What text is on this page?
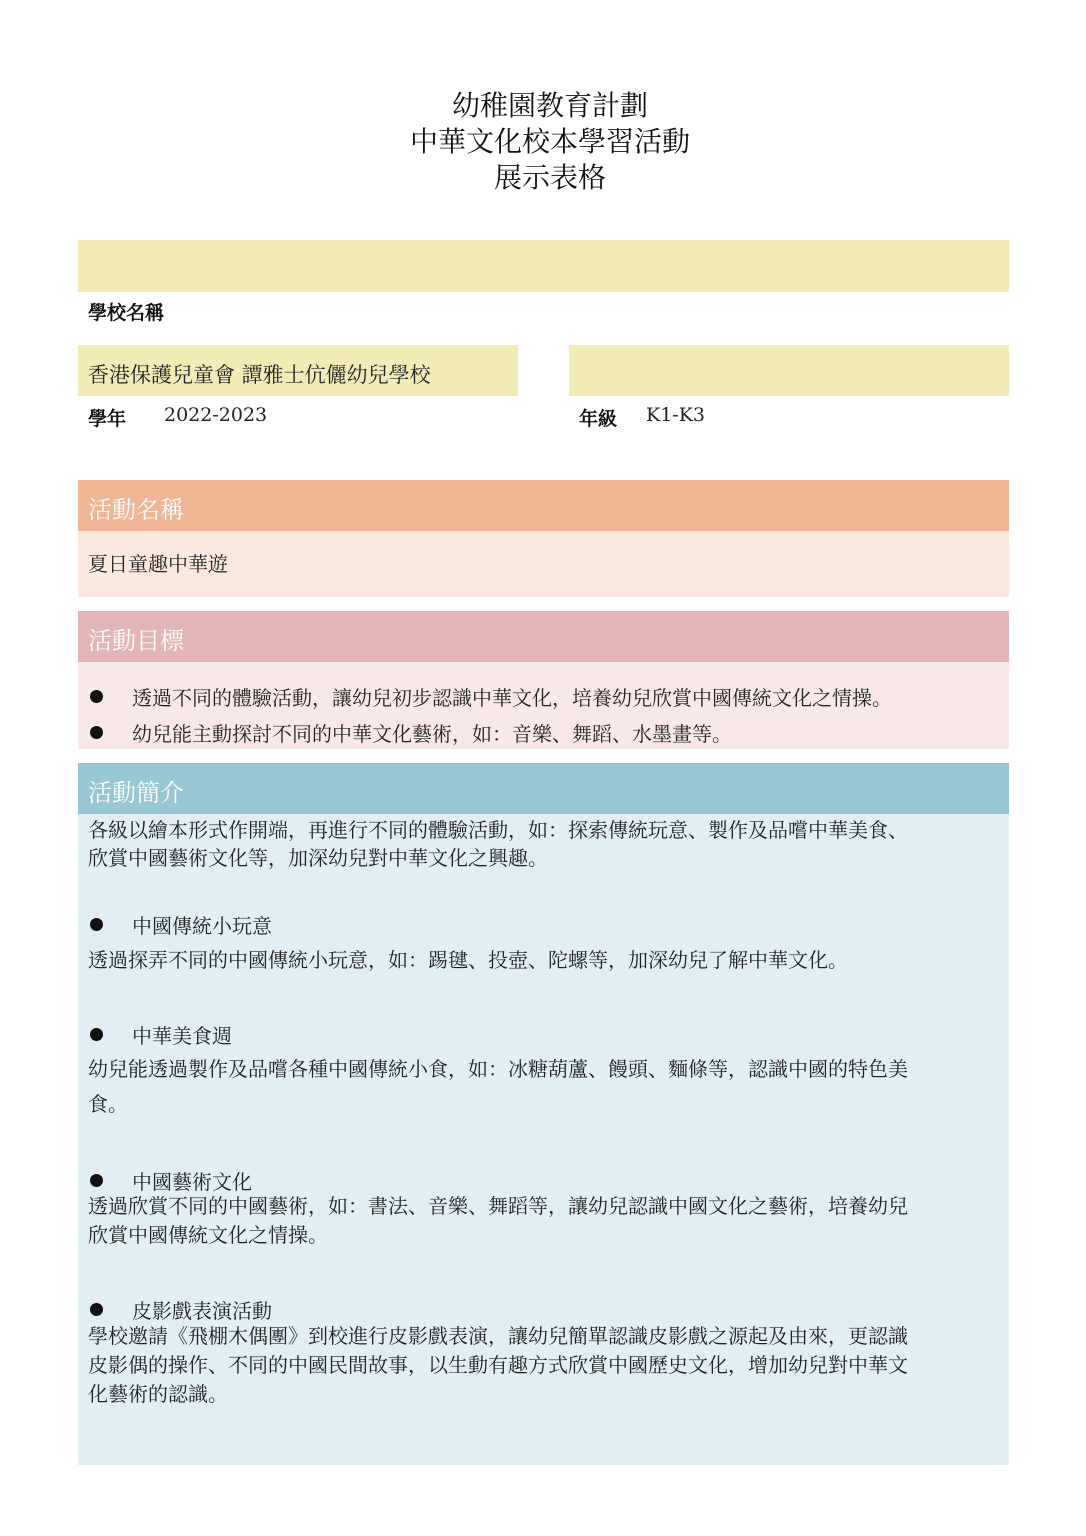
幼稚園教育計劃
中華文化校本學習活動
展示表格
學校名稱
香港保護兒童會 譚雅士伉儷幼兒學校
學年 2022-2023	年級 K1-K3
活動名稱
夏日童趣中華遊
活動目標
透過不同的體驗活動，讓幼兒初步認識中華文化，培養幼兒欣賞中國傳統文化之情操。
幼兒能主動探討不同的中華文化藝術，如：音樂、舞蹈、水墨畫等。
活動簡介
各級以繪本形式作開端，再進行不同的體驗活動，如：探索傳統玩意、製作及品嚐中華美食、
欣賞中國藝術文化等，加深幼兒對中華文化之興趣。
中國傳統小玩意
透過探弄不同的中國傳統小玩意，如：踢毽、投壺、陀螺等，加深幼兒了解中華文化。
中華美食週
幼兒能透過製作及品嚐各種中國傳統小食，如：冰糖葫蘆、饅頭、麵條等，認識中國的特色美
食。
中國藝術文化
透過欣賞不同的中國藝術，如：書法、音樂、舞蹈等，讓幼兒認識中國文化之藝術，培養幼兒
欣賞中國傳統文化之情操。
皮影戲表演活動
學校邀請《飛棚木偶團》到校進行皮影戲表演，讓幼兒簡單認識皮影戲之源起及由來，更認識
皮影偶的操作、不同的中國民間故事，以生動有趣方式欣賞中國歷史文化，增加幼兒對中華文
化藝術的認識。
